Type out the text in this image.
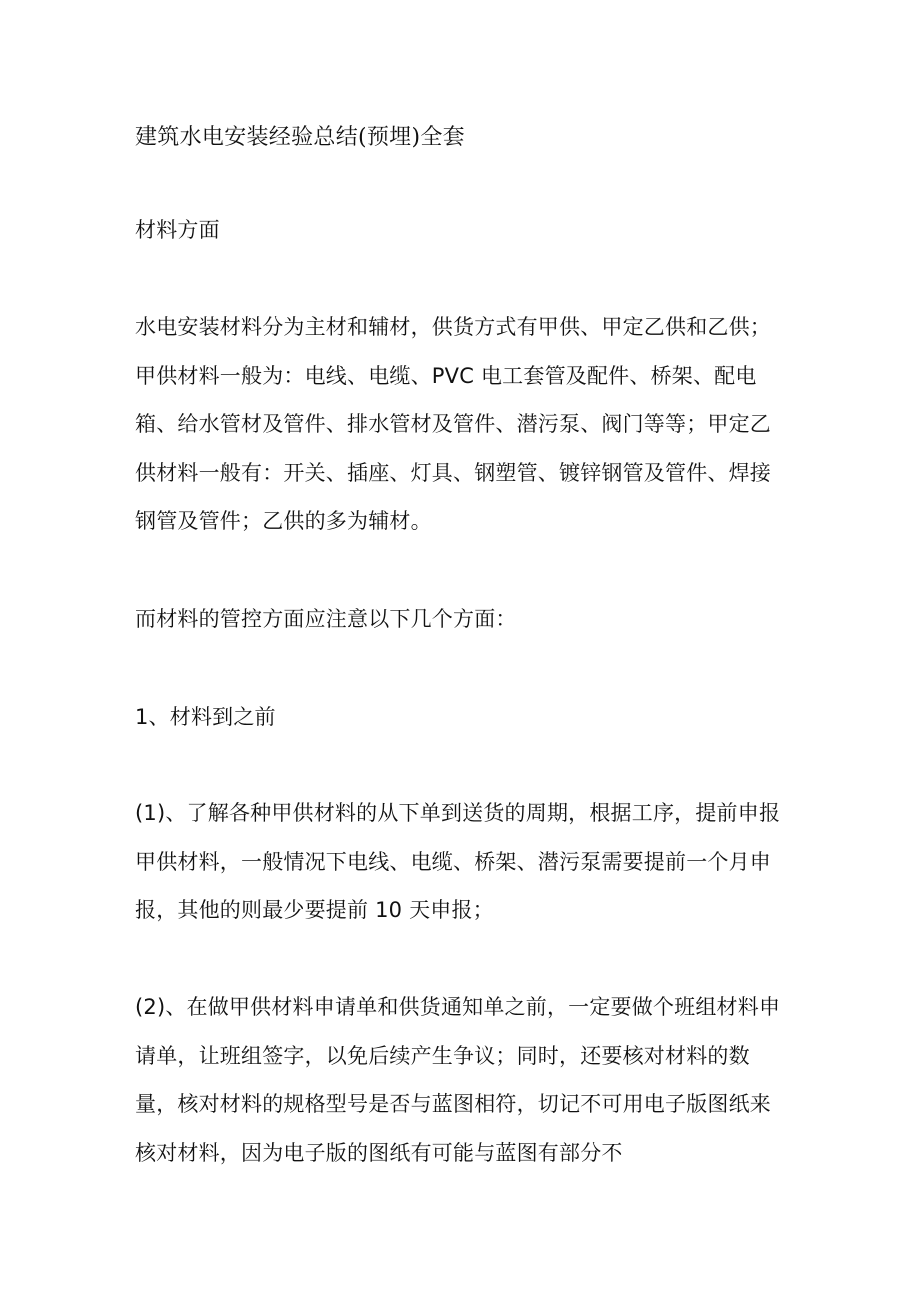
建筑水电安装经验总结(预埋)全套
材料方面
水电安装材料分为主材和辅材，供货方式有甲供、甲定乙供和乙供；
甲供材料一般为：电线、电缆、PVC 电工套管及配件、桥架、配电
箱、给水管材及管件、排水管材及管件、潜污泵、阀门等等；甲定乙
供材料一般有：开关、插座、灯具、钢塑管、镀锌钢管及管件、焊接
钢管及管件；乙供的多为辅材。
而材料的管控方面应注意以下几个方面：
1、材料到之前
(1)、了解各种甲供材料的从下单到送货的周期，根据工序，提前申报
甲供材料，一般情况下电线、电缆、桥架、潜污泵需要提前一个月申
报，其他的则最少要提前 10 天申报；
(2)、在做甲供材料申请单和供货通知单之前，一定要做个班组材料申
请单，让班组签字，以免后续产生争议；同时，还要核对材料的数
量，核对材料的规格型号是否与蓝图相符，切记不可用电子版图纸来
核对材料，因为电子版的图纸有可能与蓝图有部分不
